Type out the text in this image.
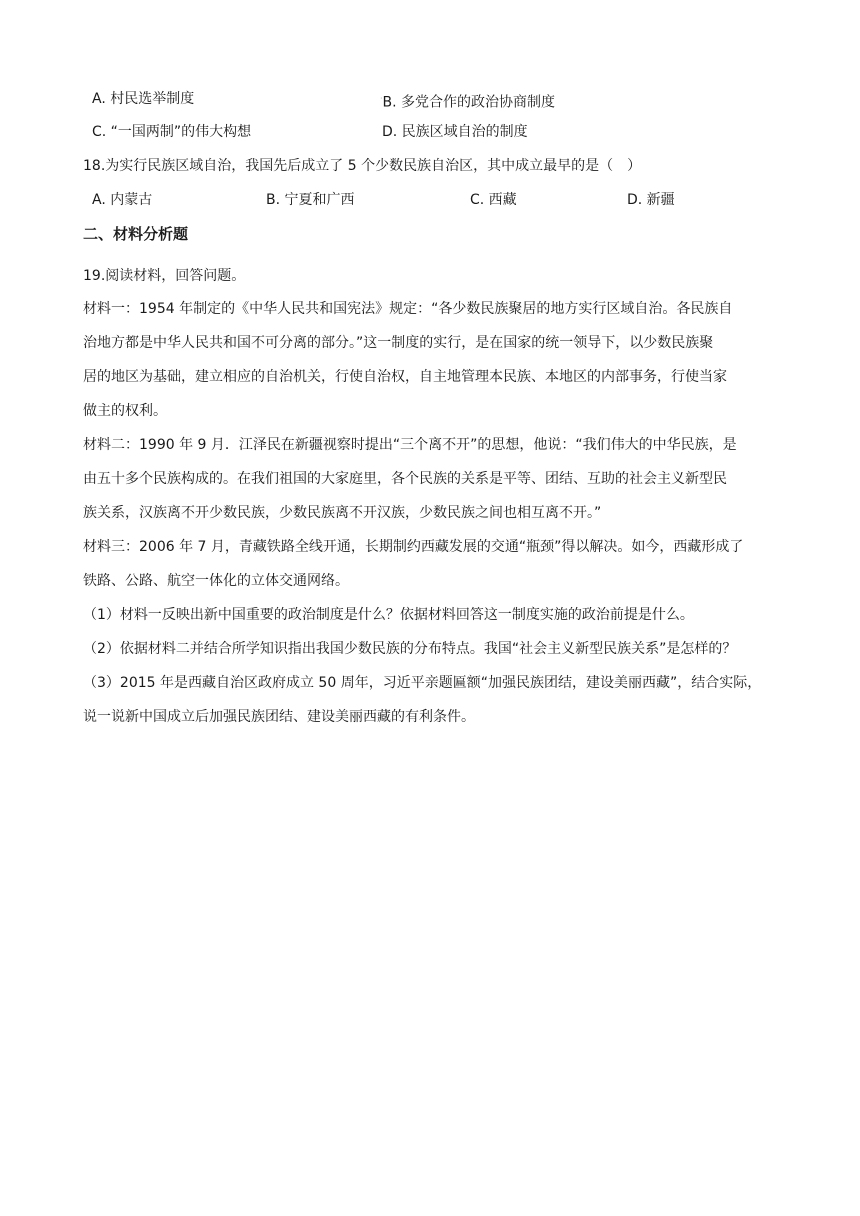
A. 村民选举制度	·B. 多党合作的政治协商制度
C. “一国两制”的伟大构想	D. 民族区域自治的制度
18.为实行民族区域自治，我国先后成立了 5 个少数民族自治区，其中成立最早的是（　）
A. 内蒙古	B. 宁夏和广西	C. 西藏	D. 新疆
二、材料分析题
19.阅读材料，回答问题。
材料一：1954 年制定的《中华人民共和国宪法》规定：“各少数民族聚居的地方实行区域自治。各民族自
治地方都是中华人民共和国不可分离的部分。”这一制度的实行，是在国家的统一领导下，以少数民族聚
居的地区为基础，建立相应的自治机关，行使自治权，自主地管理本民族、本地区的内部事务，行使当家
做主的权利。
材料二：1990 年 9 月．江泽民在新疆视察时提出“三个离不开”的思想，他说：“我们伟大的中华民族，是
由五十多个民族构成的。在我们祖国的大家庭里，各个民族的关系是平等、团结、互助的社会主义新型民
族关系，汉族离不开少数民族，少数民族离不开汉族，少数民族之间也相互离不开。”
材料三：2006 年 7 月，青藏铁路全线开通，长期制约西藏发展的交通“瓶颈”得以解决。如今，西藏形成了
铁路、公路、航空一体化的立体交通网络。
（1）材料一反映出新中国重要的政治制度是什么？依据材料回答这一制度实施的政治前提是什么。
（2）依据材料二并结合所学知识指出我国少数民族的分布特点。我国“社会主义新型民族关系”是怎样的？
（3）2015 年是西藏自治区政府成立 50 周年，习近平亲题匾额“加强民族团结，建设美丽西藏”，结合实际，
说一说新中国成立后加强民族团结、建设美丽西藏的有利条件。
